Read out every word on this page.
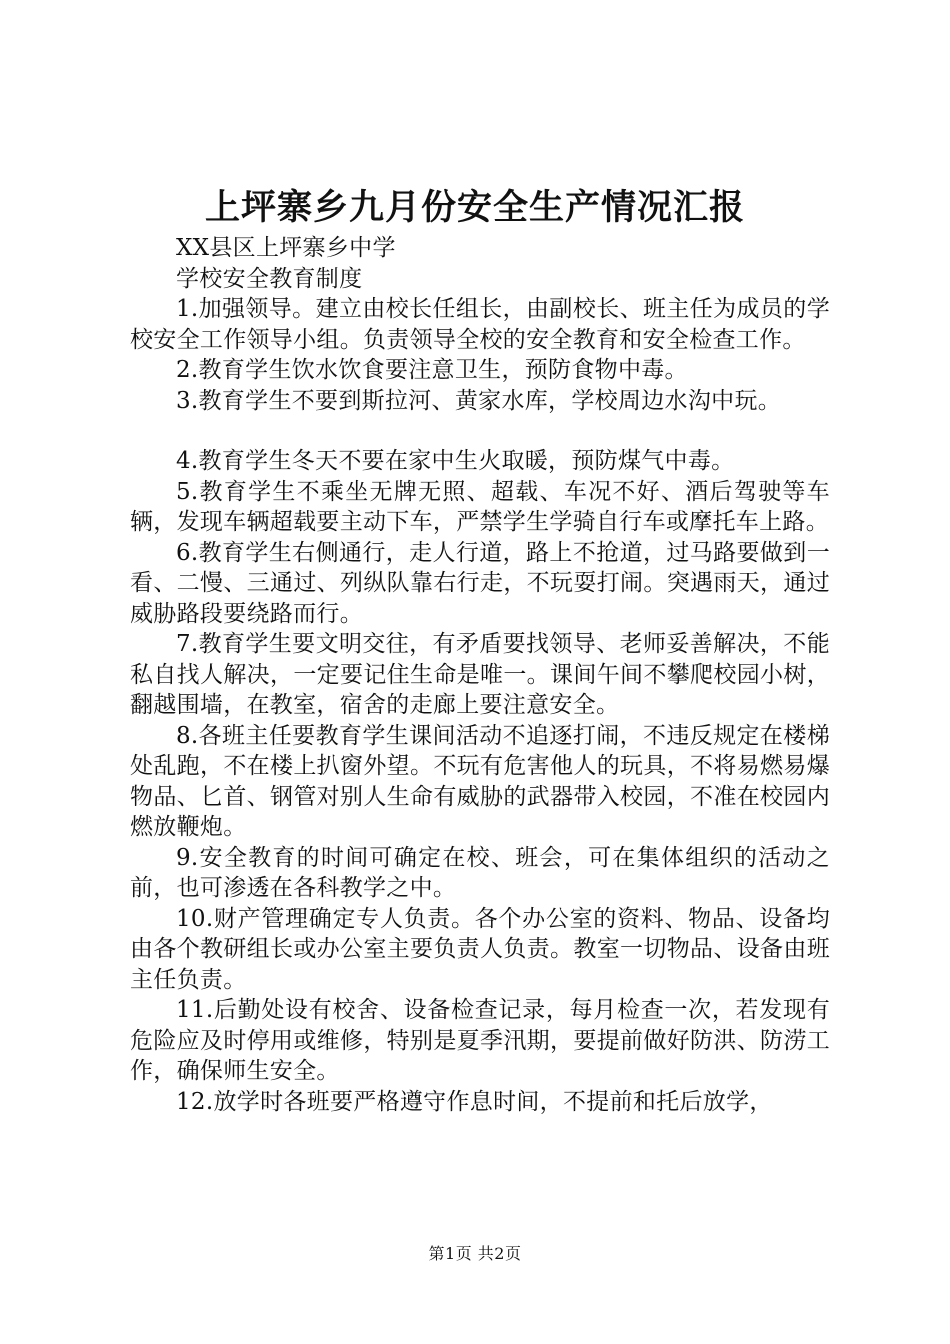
上坪寨乡九月份安全生产情况汇报

XX县区上坪寨乡中学

学校安全教育制度

1.加强领导。建立由校长任组长，由副校长、班主任为成员的学校安全工作领导小组。负责领导全校的安全教育和安全检查工作。

2.教育学生饮水饮食要注意卫生，预防食物中毒。

3.教育学生不要到斯拉河、黄家水库，学校周边水沟中玩。

4.教育学生冬天不要在家中生火取暖，预防煤气中毒。

5.教育学生不乘坐无牌无照、超载、车况不好、酒后驾驶等车辆，发现车辆超载要主动下车，严禁学生学骑自行车或摩托车上路。

6.教育学生右侧通行，走人行道，路上不抢道，过马路要做到一看、二慢、三通过、列纵队靠右行走，不玩耍打闹。突遇雨天，通过威胁路段要绕路而行。

7.教育学生要文明交往，有矛盾要找领导、老师妥善解决，不能私自找人解决，一定要记住生命是唯一。课间午间不攀爬校园小树，翻越围墙，在教室，宿舍的走廊上要注意安全。

8.各班主任要教育学生课间活动不追逐打闹，不违反规定在楼梯处乱跑，不在楼上扒窗外望。不玩有危害他人的玩具，不将易燃易爆物品、匕首、钢管对别人生命有威胁的武器带入校园，不准在校园内燃放鞭炮。

9.安全教育的时间可确定在校、班会，可在集体组织的活动之前，也可渗透在各科教学之中。

10.财产管理确定专人负责。各个办公室的资料、物品、设备均由各个教研组长或办公室主要负责人负责。教室一切物品、设备由班主任负责。

11.后勤处设有校舍、设备检查记录，每月检查一次，若发现有危险应及时停用或维修，特别是夏季汛期，要提前做好防洪、防涝工作，确保师生安全。

12.放学时各班要严格遵守作息时间，不提前和托后放学，

第1页 共2页
